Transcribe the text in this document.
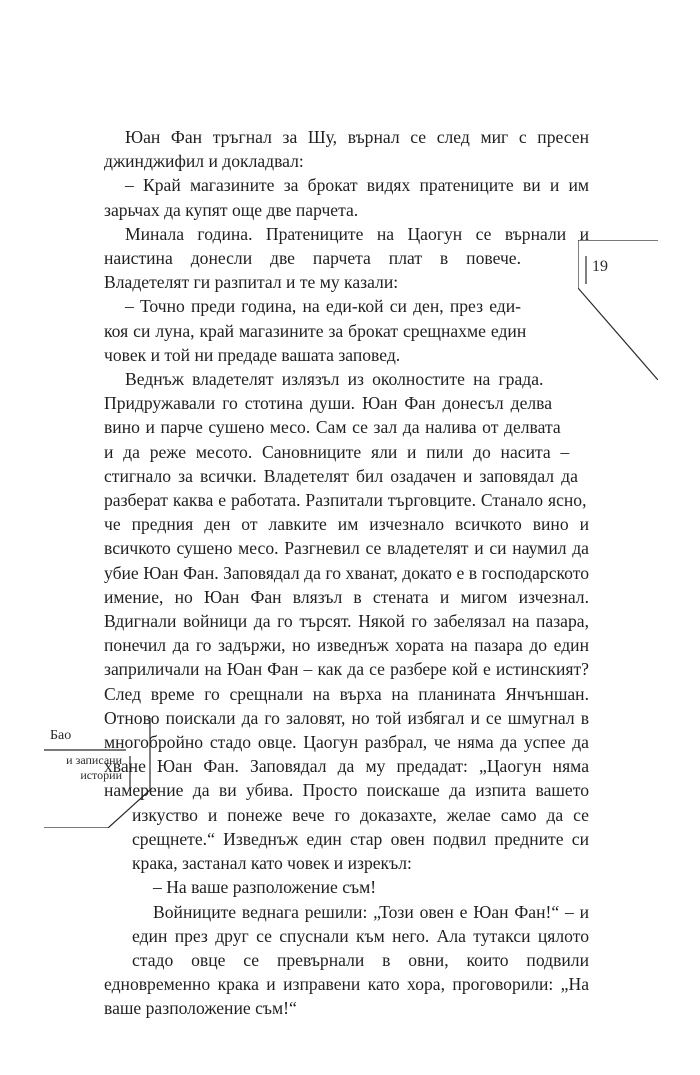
19
Бао
и записани
истории

Юан Фан тръгнал за Шу, върнал се след миг с пресен джинджифил и докладвал:

– Край магазините за брокат видях пратениците ви и им зарьчах да купят още две парчета.

Минала година. Пратениците на Цаогун се върнали и наистина донесли две парчета плат в повече. Владетелят ги разпитал и те му казали:

– Точно преди година, на еди-кой си ден, през еди-коя си луна, край магазините за брокат срещнахме един човек и той ни предаде вашата заповед.

Веднъж владетелят излязъл из околностите на града. Придружавали го стотина души. Юан Фан донесъл делва вино и парче сушено месо. Сам се зал да налива от делвата и да реже месото. Сановниците яли и пили до насита – стигнало за всички. Владетелят бил озадачен и заповядал да разберат каква е работата. Разпитали търговците. Станало ясно, че предния ден от лавките им изчезнало всичкото вино и всичкото сушено месо. Разгневил се владетелят и си наумил да убие Юан Фан. Заповядал да го хванат, докато е в господарското имение, но Юан Фан влязъл в стената и мигом изчезнал. Вдигнали войници да го търсят. Някой го забелязал на пазара, понечил да го задържи, но изведнъж хората на пазара до един заприличали на Юан Фан – как да се разбере кой е истинският? След време го срещнали на върха на планината Янчъншан. Отново поискали да го заловят, но той избягал и се шмугнал в многобройно стадо овце. Цаогун разбрал, че няма да успее да хване Юан Фан. Заповядал да му предадат: „Цаогун няма намерение да ви убива. Просто поискаше да изпита вашето изкуство и понеже вече го доказахте, желае само да се срещнете.“ Изведнъж един стар овен подвил предните си крака, застанал като човек и изрекъл:

– На ваше разположение съм!

Войниците веднага решили: „Този овен е Юан Фан!“ – и един през друг се спуснали към него. Ала тутакси цялото стадо овце се превърнали в овни, които подвили едновременно крака и изправени като хора, проговорили: „На ваше разположение съм!“
